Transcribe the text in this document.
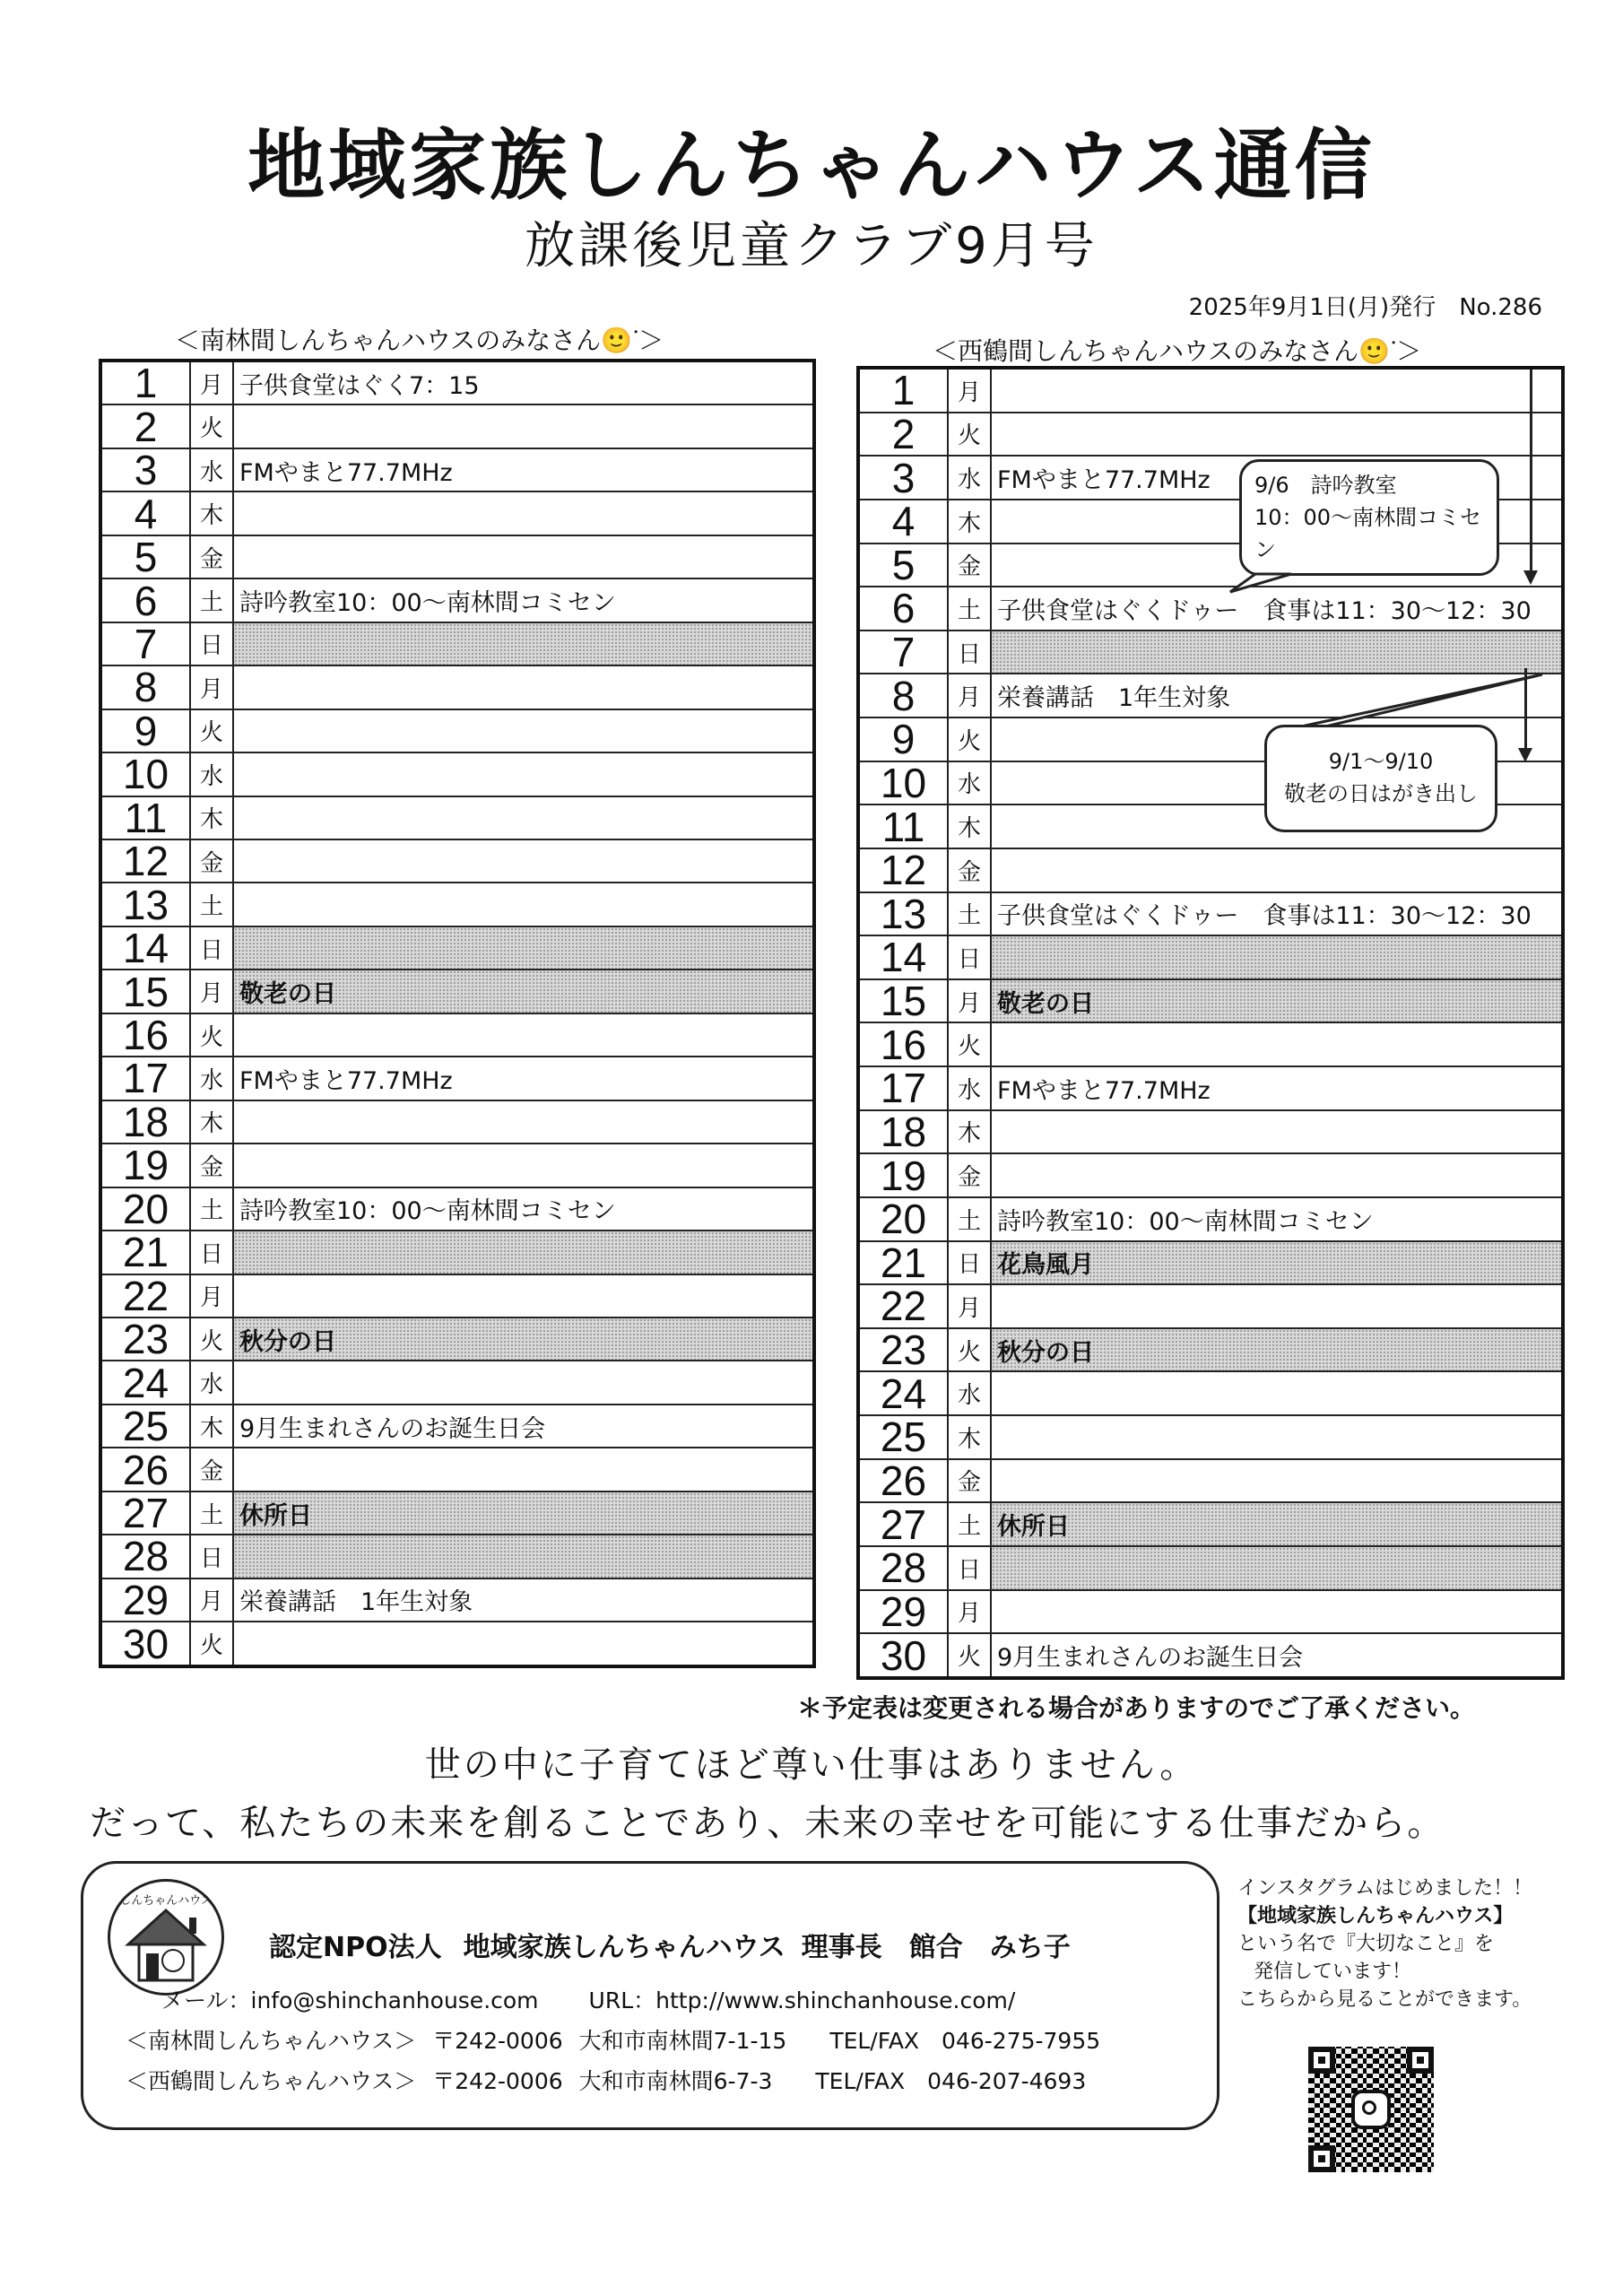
地域家族しんちゃんハウス通信
放課後児童クラブ9月号
2025年9月1日(月)発行　No.286
＜南林間しんちゃんハウスのみなさん🙂ᐝ＞	＜西鶴間しんちゃんハウスのみなさん🙂ᐝ＞
1	月	子供食堂はぐく7：15
2	火	
3	水	FMやまと77.7MHz
4	木	
5	金	
6	土	詩吟教室10：00〜南林間コミセン
7	日	
8	月	
9	火	
10	水	
11	木	
12	金	
13	土	
14	日	
15	月	敬老の日
16	火	
17	水	FMやまと77.7MHz
18	木	
19	金	
20	土	詩吟教室10：00〜南林間コミセン
21	日	
22	月	
23	火	秋分の日
24	水	
25	木	9月生まれさんのお誕生日会
26	金	
27	土	休所日
28	日	
29	月	栄養講話　1年生対象
30	火	
1	月	
2	火	
3	水	FMやまと77.7MHz
4	木	
5	金	
6	土	子供食堂はぐくドゥー　食事は11：30〜12：30
7	日	
8	月	栄養講話　1年生対象
9	火	
10	水	
11	木	
12	金	
13	土	子供食堂はぐくドゥー　食事は11：30〜12：30
14	日	
15	月	敬老の日
16	火	
17	水	FMやまと77.7MHz
18	木	
19	金	
20	土	詩吟教室10：00〜南林間コミセン
21	日	花鳥風月
22	月	
23	火	秋分の日
24	水	
25	木	
26	金	
27	土	休所日
28	日	
29	月	
30	火	9月生まれさんのお誕生日会
9/6　詩吟教室
10：00〜南林間コミセン
9/1〜9/10
敬老の日はがき出し
＊予定表は変更される場合がありますのでご了承ください。
世の中に子育てほど尊い仕事はありません。
だって、私たちの未来を創ることであり、未来の幸せを可能にする仕事だから。
しんちゃんハウス
認定NPO法人 地域家族しんちゃんハウス 理事長 館合　みち子
メール：info@shinchanhouse.com URL：http://www.shinchanhouse.com/
＜南林間しんちゃんハウス＞ 〒242-0006 大和市南林間7-1-15 TEL/FAX　046-275-7955
＜西鶴間しんちゃんハウス＞ 〒242-0006 大和市南林間6-7-3 TEL/FAX　046-207-4693
インスタグラムはじめました！！
【地域家族しんちゃんハウス】
という名で『大切なこと』を
発信しています！
こちらから見ることができます。
